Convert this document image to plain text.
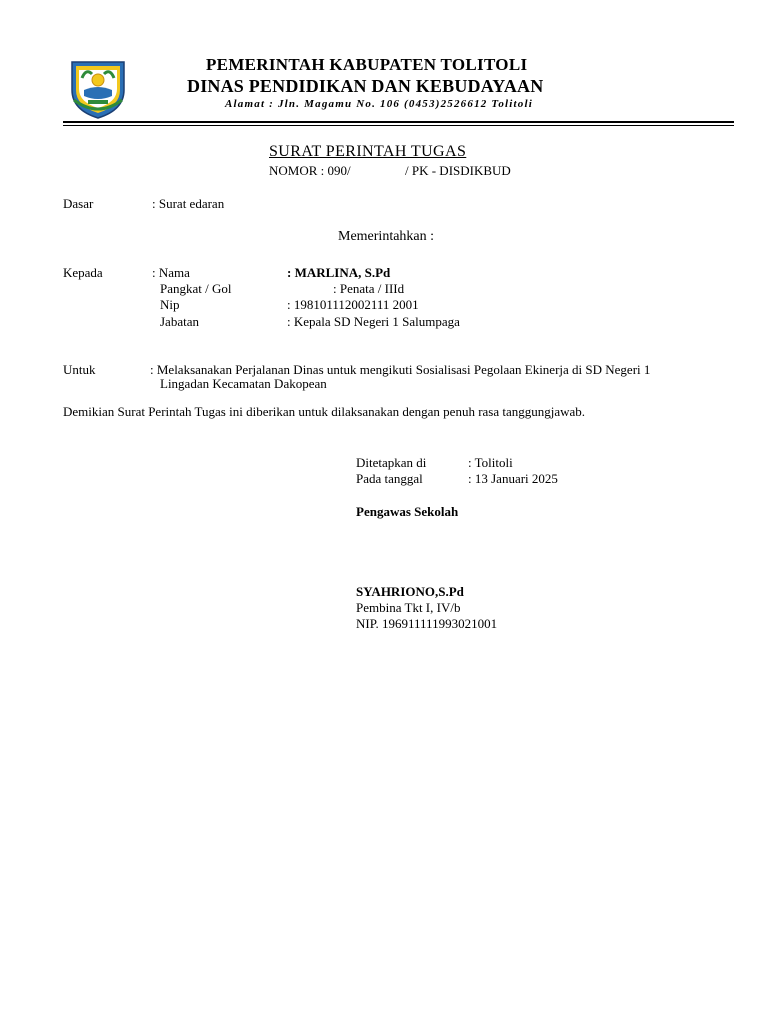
PEMERINTAH KABUPATEN TOLITOLI
DINAS PENDIDIKAN DAN KEBUDAYAAN
Alamat : Jln. Magamu No. 106 (0453)2526612 Tolitoli
SURAT PERINTAH TUGAS
NOMOR : 090/	/ PK - DISDIKBUD
Dasar	: Surat edaran
Memerintahkan :
Kepada	: Nama	: MARLINA, S.Pd
Pangkat / Gol	: Penata / IIId
Nip	: 198101112002111 2001
Jabatan	: Kepala SD Negeri 1 Salumpaga
Untuk	: Melaksanakan Perjalanan Dinas untuk mengikuti Sosialisasi Pegolaan Ekinerja di SD Negeri 1
Lingadan Kecamatan Dakopean
Demikian Surat Perintah Tugas ini diberikan untuk dilaksanakan dengan penuh rasa tanggungjawab.
Ditetapkan di	: Tolitoli
Pada tanggal	: 13 Januari 2025
Pengawas Sekolah
SYAHRIONO,S.Pd
Pembina Tkt I, IV/b
NIP. 196911111993021001
